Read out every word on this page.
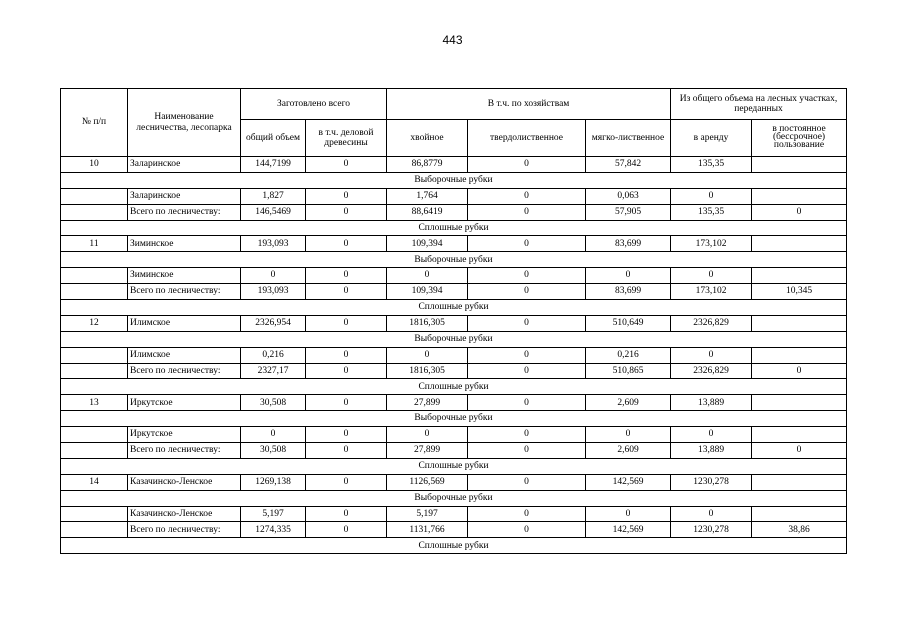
443
№ п/п	Наименование лесничества, лесопарка	Заготовлено всего		В т.ч. по хозяйствам			Из общего объема на лесных участках, переданных	
		общий объем	в т.ч. деловой древесины	хвойное	твердолиственное	мягко-лиственное	в аренду	в постоянное (бессрочное) пользование
10	Заларинское	144,7199	0	86,8779	0	57,842	135,35	
Выборочные рубки								
	Заларинское	1,827	0	1,764	0	0,063	0	
	Всего по лесничеству:	146,5469	0	88,6419	0	57,905	135,35	0
Сплошные рубки								
11	Зиминское	193,093	0	109,394	0	83,699	173,102	
Выборочные рубки								
	Зиминское	0	0	0	0	0	0	
	Всего по лесничеству:	193,093	0	109,394	0	83,699	173,102	10,345
Сплошные рубки								
12	Илимское	2326,954	0	1816,305	0	510,649	2326,829	
Выборочные рубки								
	Илимское	0,216	0	0	0	0,216	0	
	Всего по лесничеству:	2327,17	0	1816,305	0	510,865	2326,829	0
Сплошные рубки								
13	Иркутское	30,508	0	27,899	0	2,609	13,889	
Выборочные рубки								
	Иркутское	0	0	0	0	0	0	
	Всего по лесничеству:	30,508	0	27,899	0	2,609	13,889	0
Сплошные рубки								
14	Казачинско-Ленское	1269,138	0	1126,569	0	142,569	1230,278	
Выборочные рубки								
	Казачинско-Ленское	5,197	0	5,197	0	0	0	
	Всего по лесничеству:	1274,335	0	1131,766	0	142,569	1230,278	38,86
Сплошные рубки								
